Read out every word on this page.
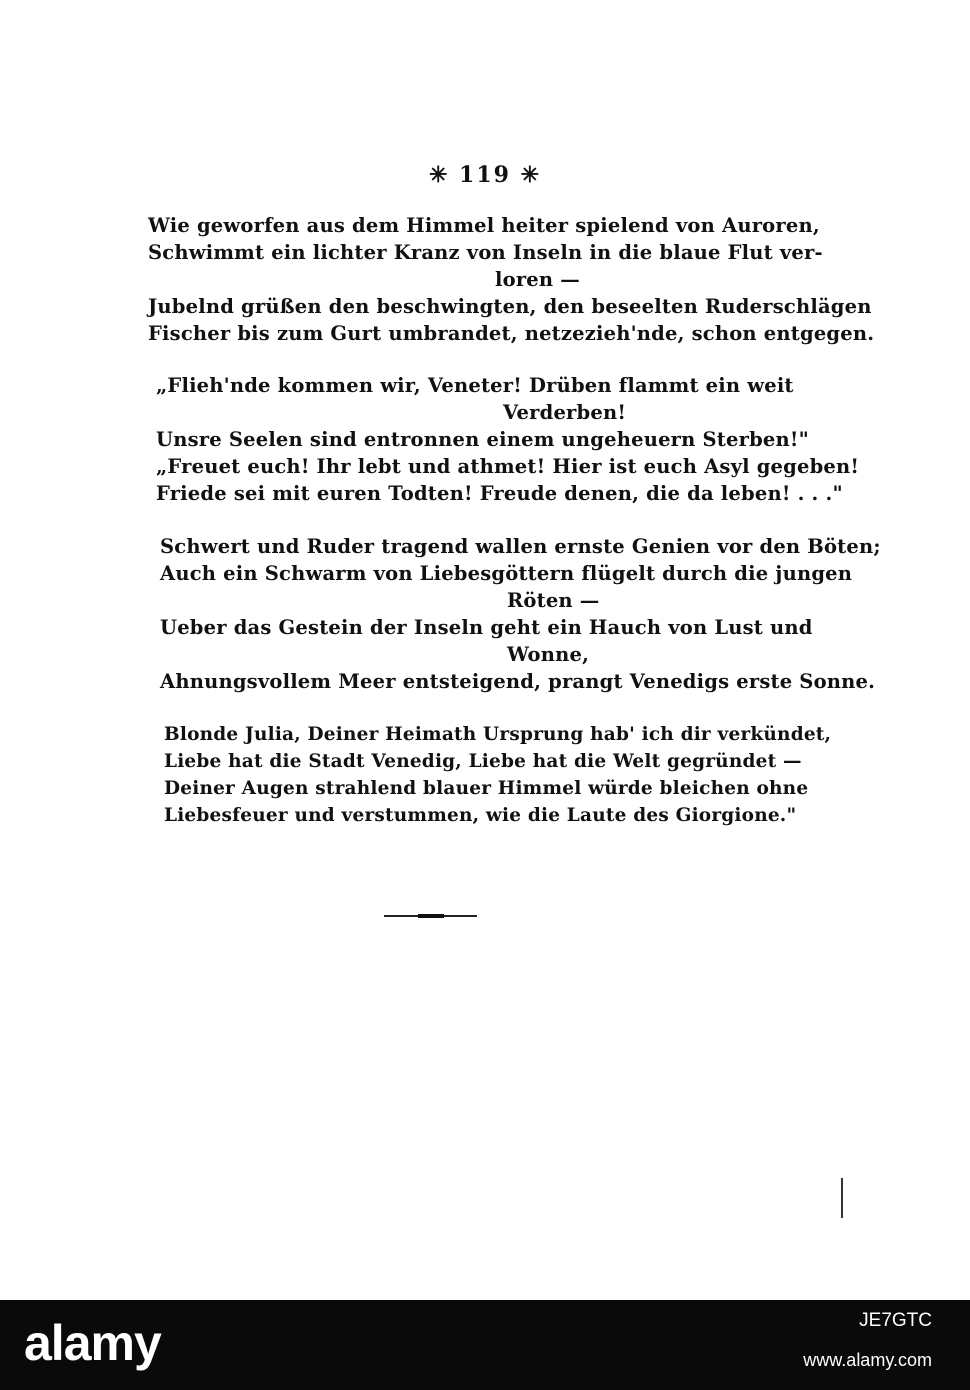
✳ 119 ✳
Wie geworfen aus dem Himmel heiter spielend von Auroren,
Schwimmt ein lichter Kranz von Inseln in die blaue Flut ver-
loren —
Jubelnd grüßen den beschwingten, den beseelten Ruderschlägen
Fischer bis zum Gurt umbrandet, netzezieh'nde, schon entgegen.
„Flieh'nde kommen wir, Veneter! Drüben flammt ein weit
Verderben!
Unsre Seelen sind entronnen einem ungeheuern Sterben!"
„Freuet euch! Ihr lebt und athmet! Hier ist euch Asyl gegeben!
Friede sei mit euren Todten! Freude denen, die da leben! . . ."
Schwert und Ruder tragend wallen ernste Genien vor den Böten;
Auch ein Schwarm von Liebesgöttern flügelt durch die jungen
Röten —
Ueber das Gestein der Inseln geht ein Hauch von Lust und
Wonne,
Ahnungsvollem Meer entsteigend, prangt Venedigs erste Sonne.
Blonde Julia, Deiner Heimath Ursprung hab' ich dir verkündet,
Liebe hat die Stadt Venedig, Liebe hat die Welt gegründet —
Deiner Augen strahlend blauer Himmel würde bleichen ohne
Liebesfeuer und verstummen, wie die Laute des Giorgione."
alamy	JE7GTC
www.alamy.com
